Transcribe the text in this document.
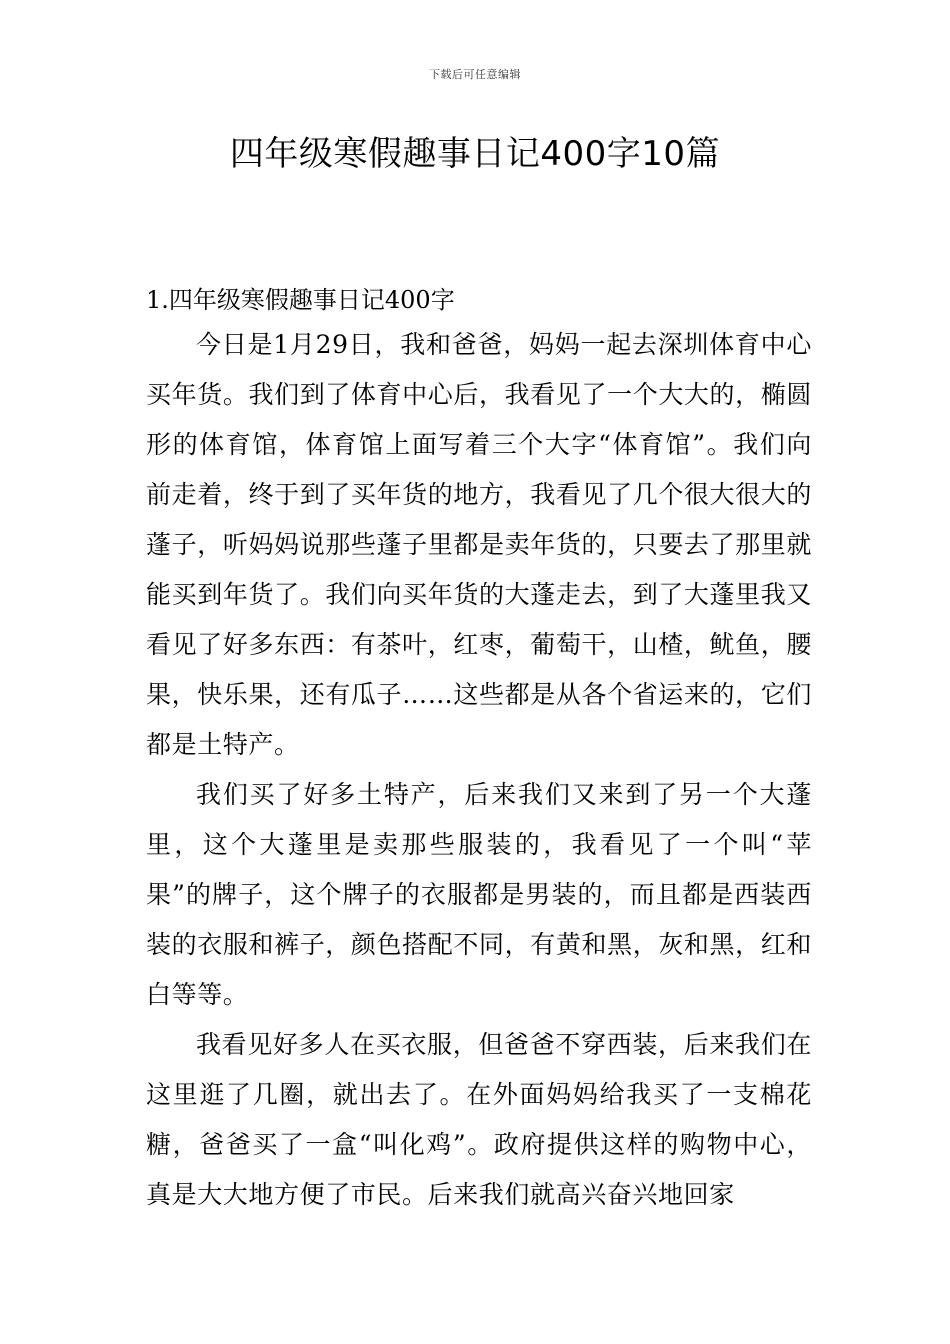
下载后可任意编辑
四年级寒假趣事日记400字10篇
1.四年级寒假趣事日记400字

今日是1月29日，我和爸爸，妈妈一起去深圳体育中心买年货。我们到了体育中心后，我看见了一个大大的，椭圆形的体育馆，体育馆上面写着三个大字“体育馆”。我们向前走着，终于到了买年货的地方，我看见了几个很大很大的蓬子，听妈妈说那些蓬子里都是卖年货的，只要去了那里就能买到年货了。我们向买年货的大蓬走去，到了大蓬里我又看见了好多东西：有茶叶，红枣，葡萄干，山楂，鱿鱼，腰果，快乐果，还有瓜子……这些都是从各个省运来的，它们都是土特产。

我们买了好多土特产，后来我们又来到了另一个大蓬里，这个大蓬里是卖那些服装的，我看见了一个叫“苹果”的牌子，这个牌子的衣服都是男装的，而且都是西装西装的衣服和裤子，颜色搭配不同，有黄和黑，灰和黑，红和白等等。

我看见好多人在买衣服，但爸爸不穿西装，后来我们在这里逛了几圈，就出去了。在外面妈妈给我买了一支棉花糖，爸爸买了一盒“叫化鸡”。政府提供这样的购物中心，真是大大地方便了市民。后来我们就高兴奋兴地回家
